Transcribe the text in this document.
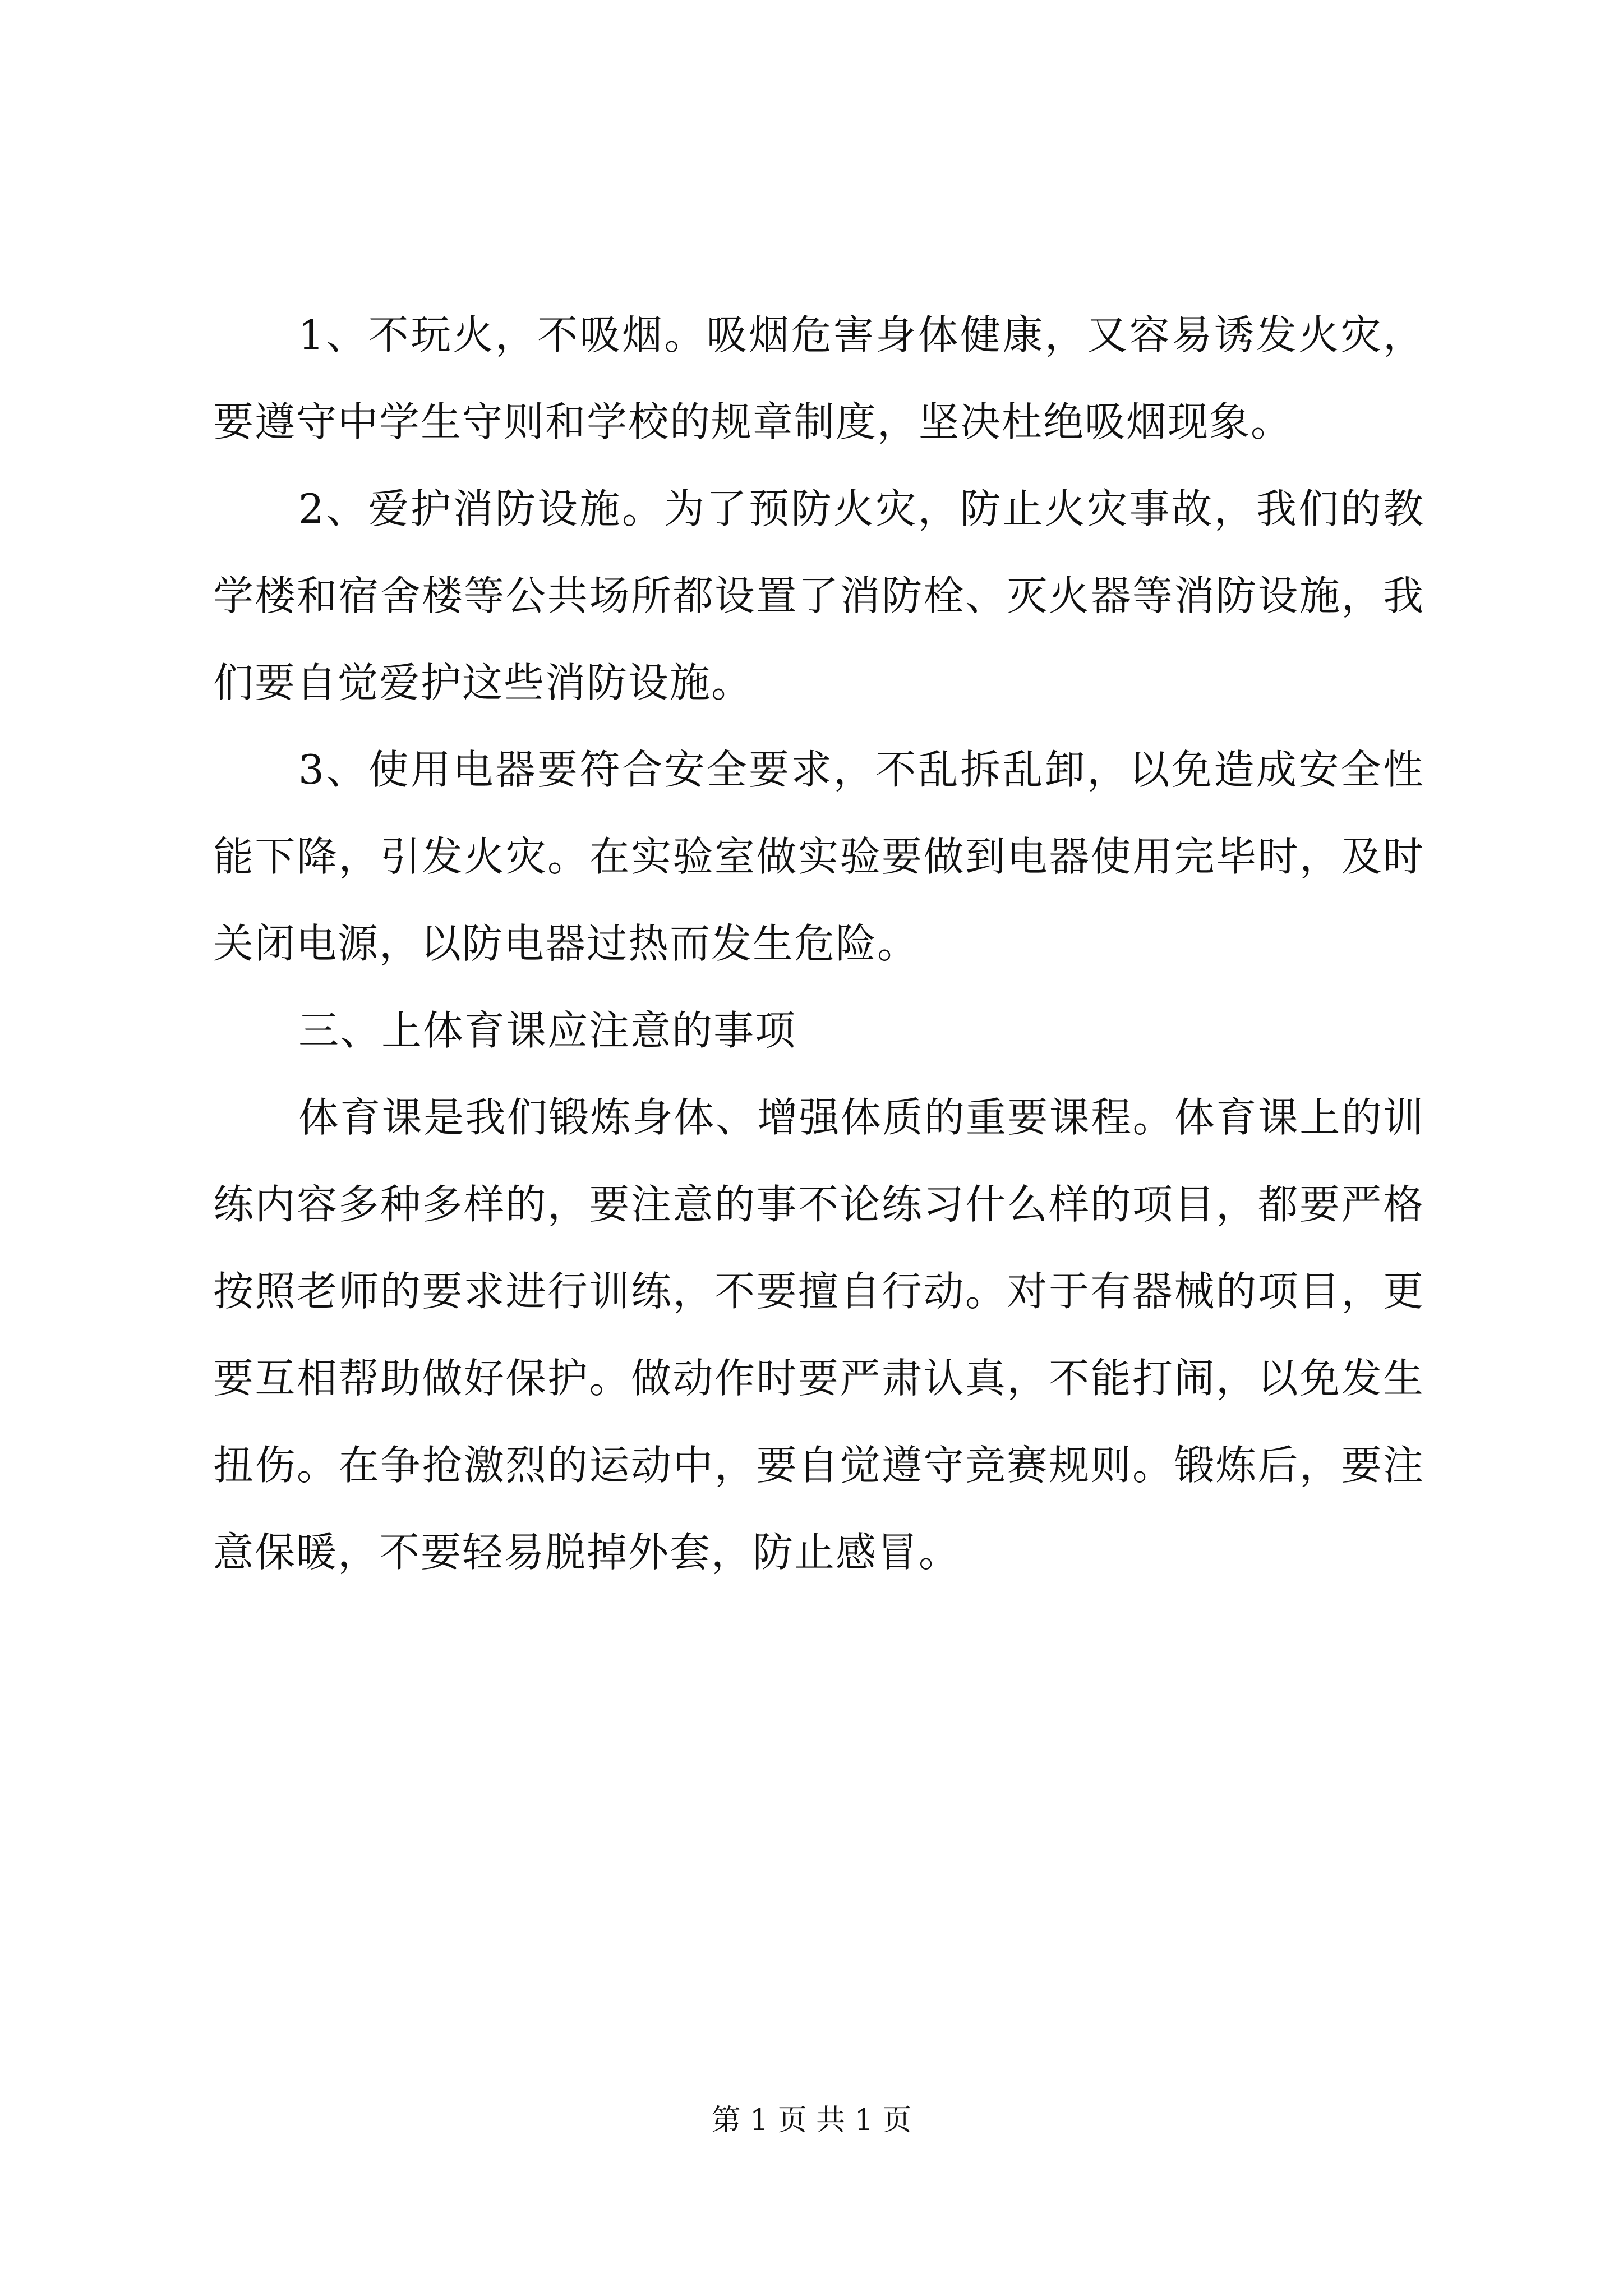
1、不玩火，不吸烟。吸烟危害身体健康，又容易诱发火灾，要遵守中学生守则和学校的规章制度，坚决杜绝吸烟现象。

2、爱护消防设施。为了预防火灾，防止火灾事故，我们的教学楼和宿舍楼等公共场所都设置了消防栓、灭火器等消防设施，我们要自觉爱护这些消防设施。

3、使用电器要符合安全要求，不乱拆乱卸，以免造成安全性能下降，引发火灾。在实验室做实验要做到电器使用完毕时，及时关闭电源，以防电器过热而发生危险。

三、上体育课应注意的事项

体育课是我们锻炼身体、增强体质的重要课程。体育课上的训练内容多种多样的，要注意的事不论练习什么样的项目，都要严格按照老师的要求进行训练，不要擅自行动。对于有器械的项目，更要互相帮助做好保护。做动作时要严肃认真，不能打闹，以免发生扭伤。在争抢激烈的运动中，要自觉遵守竞赛规则。锻炼后，要注意保暖，不要轻易脱掉外套，防止感冒。

第 1 页 共 1 页
